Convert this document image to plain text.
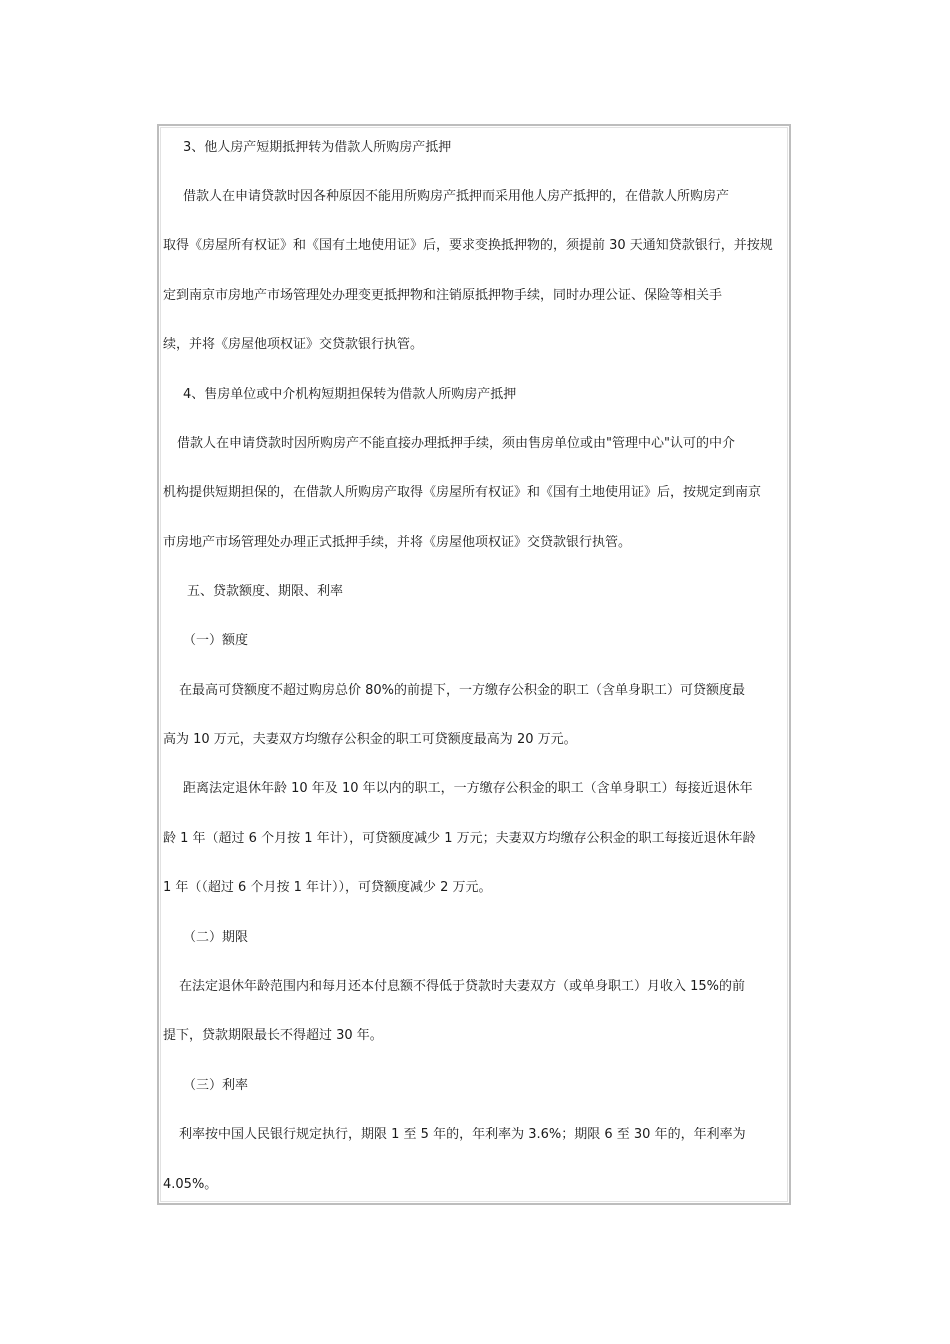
3、他人房产短期抵押转为借款人所购房产抵押
借款人在申请贷款时因各种原因不能用所购房产抵押而采用他人房产抵押的，在借款人所购房产
取得《房屋所有权证》和《国有土地使用证》后，要求变换抵押物的，须提前 30 天通知贷款银行，并按规
定到南京市房地产市场管理处办理变更抵押物和注销原抵押物手续，同时办理公证、保险等相关手
续，并将《房屋他项权证》交贷款银行执管。
4、售房单位或中介机构短期担保转为借款人所购房产抵押
借款人在申请贷款时因所购房产不能直接办理抵押手续，须由售房单位或由"管理中心"认可的中介
机构提供短期担保的，在借款人所购房产取得《房屋所有权证》和《国有土地使用证》后，按规定到南京
市房地产市场管理处办理正式抵押手续，并将《房屋他项权证》交贷款银行执管。
五、贷款额度、期限、利率
（一）额度
在最高可贷额度不超过购房总价 80%的前提下，一方缴存公积金的职工（含单身职工）可贷额度最
高为 10 万元，夫妻双方均缴存公积金的职工可贷额度最高为 20 万元。
距离法定退休年龄 10 年及 10 年以内的职工，一方缴存公积金的职工（含单身职工）每接近退休年
龄 1 年（超过 6 个月按 1 年计），可贷额度减少 1 万元；夫妻双方均缴存公积金的职工每接近退休年龄
1 年（（超过 6 个月按 1 年计）），可贷额度减少 2 万元。
（二）期限
在法定退休年龄范围内和每月还本付息额不得低于贷款时夫妻双方（或单身职工）月收入 15%的前
提下，贷款期限最长不得超过 30 年。
（三）利率
利率按中国人民银行规定执行，期限 1 至 5 年的，年利率为 3.6%；期限 6 至 30 年的，年利率为
4.05%。
